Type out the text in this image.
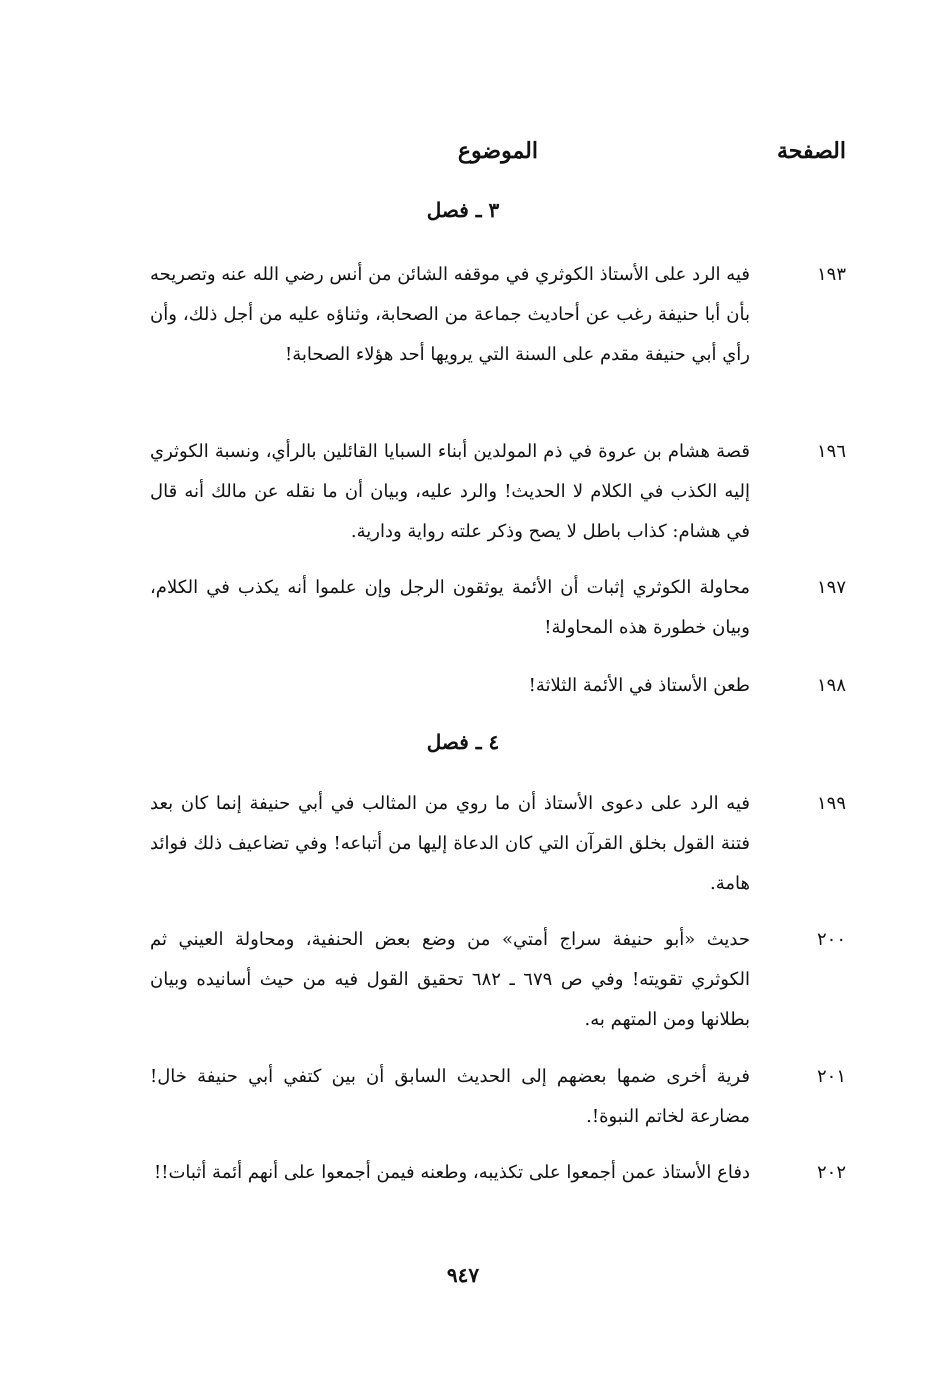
الصفحة
الموضوع
٣ ـ فصل
١٩٣
فيه الرد على الأستاذ الكوثري في موقفه الشائن من أنس رضي الله عنه وتصريحه بأن أبا حنيفة رغب عن أحاديث جماعة من الصحابة، وثناؤه عليه من أجل ذلك، وأن رأي أبي حنيفة مقدم على السنة التي يرويها أحد هؤلاء الصحابة!
١٩٦
قصة هشام بن عروة في ذم المولدين أبناء السبايا القائلين بالرأي، ونسبة الكوثري إليه الكذب في الكلام لا الحديث! والرد عليه، وبيان أن ما نقله عن مالك أنه قال في هشام: كذاب باطل لا يصح وذكر علته رواية ودارية.
١٩٧
محاولة الكوثري إثبات أن الأئمة يوثقون الرجل وإن علموا أنه يكذب في الكلام، وبيان خطورة هذه المحاولة!
١٩٨
طعن الأستاذ في الأئمة الثلاثة!
٤ ـ فصل
١٩٩
فيه الرد على دعوى الأستاذ أن ما روي من المثالب في أبي حنيفة إنما كان بعد فتنة القول بخلق القرآن التي كان الدعاة إليها من أتباعه! وفي تضاعيف ذلك فوائد هامة.
٢٠٠
حديث «أبو حنيفة سراج أمتي» من وضع بعض الحنفية، ومحاولة العيني ثم الكوثري تقويته! وفي ص ٦٧٩ ـ ٦٨٢ تحقيق القول فيه من حيث أسانيده وبيان بطلانها ومن المتهم به.
٢٠١
فرية أخرى ضمها بعضهم إلى الحديث السابق أن بين كتفي أبي حنيفة خال! مضارعة لخاتم النبوة!.
٢٠٢
دفاع الأستاذ عمن أجمعوا على تكذيبه، وطعنه فيمن أجمعوا على أنهم أئمة أثبات!!
٩٤٧
